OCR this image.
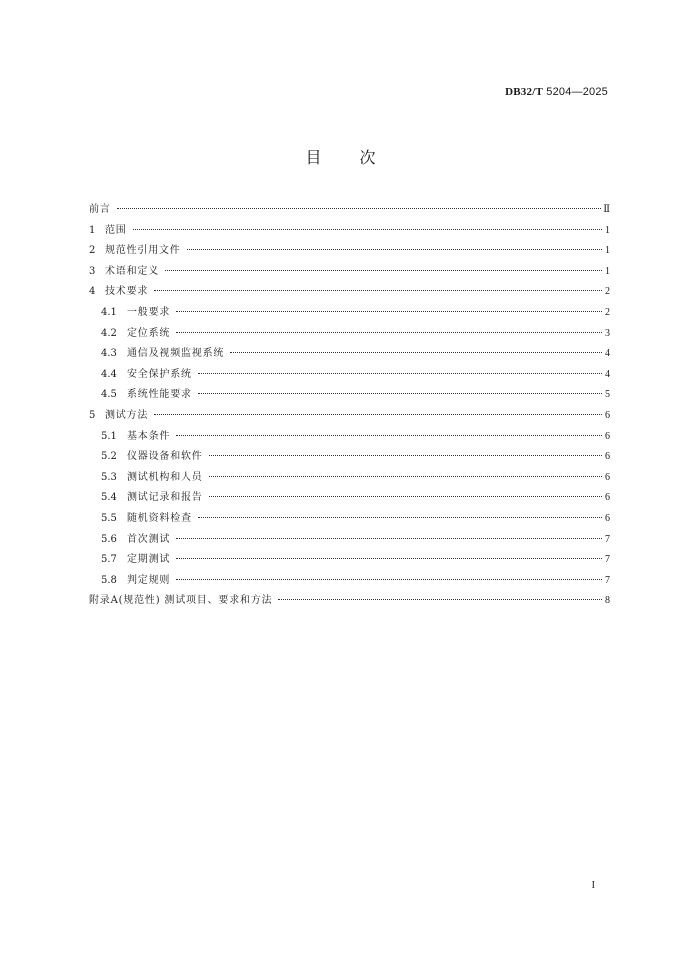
DB32/T 5204—2025
目 次
前言	Ⅱ
1 范围	1
2 规范性引用文件	1
3 术语和定义	1
4 技术要求	2
4.1	一般要求	2
4.2	定位系统	3
4.3	通信及视频监视系统	4
4.4	安全保护系统	4
4.5	系统性能要求	5
5 测试方法	6
5.1	基本条件	6
5.2	仪器设备和软件	6
5.3	测试机构和人员	6
5.4	测试记录和报告	6
5.5	随机资料检查	6
5.6	首次测试	7
5.7	定期测试	7
5.8	判定规则	7
附录A(规范性) 测试项目、要求和方法	8
I
